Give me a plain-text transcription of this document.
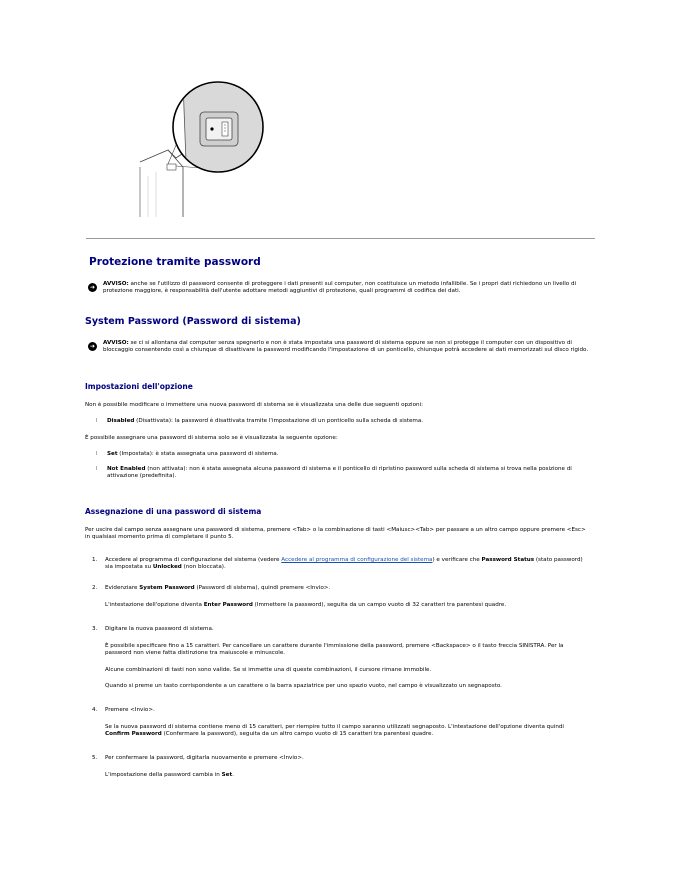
Protezione tramite password
➜	AVVISO: anche se l'utilizzo di password consente di proteggere i dati presenti sul computer, non costituisce un metodo infallibile. Se i propri dati richiedono un livello di protezione maggiore, è responsabilità dell'utente adottare metodi aggiuntivi di protezione, quali programmi di codifica dei dati.
System Password (Password di sistema)
➜	AVVISO: se ci si allontana dal computer senza spegnerlo e non è stata impostata una password di sistema oppure se non si protegge il computer con un dispositivo di bloccaggio consentendo così a chiunque di disattivare la password modificando l'impostazione di un ponticello, chiunque potrà accedere ai dati memorizzati sul disco rigido.
Impostazioni dell'opzione
Non è possibile modificare o immettere una nuova password di sistema se è visualizzata una delle due seguenti opzioni:
l Disabled (Disattivata): la password è disattivata tramite l'impostazione di un ponticello sulla scheda di sistema.
È possibile assegnare una password di sistema solo se è visualizzata la seguente opzione:
l Set (Impostata): è stata assegnata una password di sistema.
l Not Enabled (non attivata): non è stata assegnata alcuna password di sistema e il ponticello di ripristino password sulla scheda di sistema si trova nella posizione di attivazione (predefinita).
Assegnazione di una password di sistema
Per uscire dal campo senza assegnare una password di sistema, premere <Tab> o la combinazione di tasti <Maiusc><Tab> per passare a un altro campo oppure premere <Esc> in qualsiasi momento prima di completare il punto 5.
1. Accedere al programma di configurazione del sistema (vedere Accedere al programma di configurazione del sistema) e verificare che Password Status (stato password) sia impostata su Unlocked (non bloccata).
2. Evidenziare System Password (Password di sistema), quindi premere <Invio>.
L'intestazione dell'opzione diventa Enter Password (Immettere la password), seguita da un campo vuoto di 32 caratteri tra parentesi quadre.
3. Digitare la nuova password di sistema.
È possibile specificare fino a 15 caratteri. Per cancellare un carattere durante l'immissione della password, premere <Backspace> o il tasto freccia SINISTRA. Per la password non viene fatta distinzione tra maiuscole e minuscole.
Alcune combinazioni di tasti non sono valide. Se si immette una di queste combinazioni, il cursore rimane immobile.
Quando si preme un tasto corrispondente a un carattere o la barra spaziatrice per uno spazio vuoto, nel campo è visualizzato un segnaposto.
4. Premere <Invio>.
Se la nuova password di sistema contiene meno di 15 caratteri, per riempire tutto il campo saranno utilizzati segnaposto. L'intestazione dell'opzione diventa quindi Confirm Password (Confermare la password), seguita da un altro campo vuoto di 15 caratteri tra parentesi quadre.
5. Per confermare la password, digitarla nuovamente e premere <Invio>.
L'impostazione della password cambia in Set.
